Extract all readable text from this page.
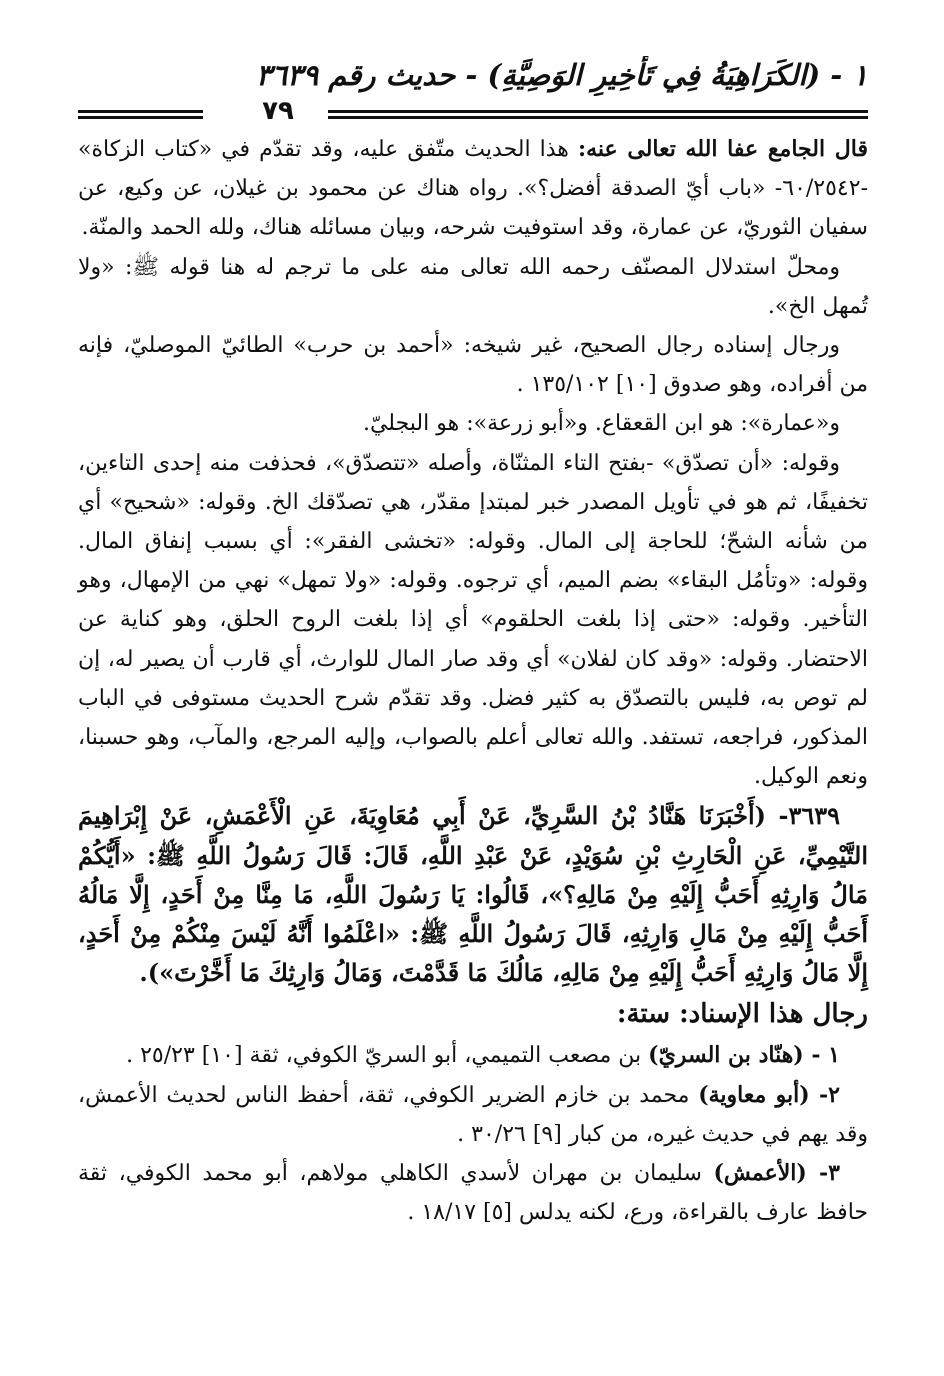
١ - (الكَرَاهِيَةُ فِي تَأخِيرِ الوَصِيَّةِ) - حديث رقم ٣٦٣٩
٧٩

قال الجامع عفا الله تعالى عنه: هذا الحديث متّفق عليه، وقد تقدّم في «كتاب الزكاة» -٦٠/٢٥٤٢- «باب أيّ الصدقة أفضل؟». رواه هناك عن محمود بن غيلان، عن وكيع، عن سفيان الثوريّ، عن عمارة، وقد استوفيت شرحه، وبيان مسائله هناك، ولله الحمد والمنّة.

ومحلّ استدلال المصنّف رحمه الله تعالى منه على ما ترجم له هنا قوله ﷺ: «ولا تُمهل الخ».

ورجال إسناده رجال الصحيح، غير شيخه: «أحمد بن حرب» الطائيّ الموصليّ، فإنه من أفراده، وهو صدوق [١٠] ١٣٥/١٠٢ .

و«عمارة»: هو ابن القعقاع. و«أبو زرعة»: هو البجليّ.

وقوله: «أن تصدّق» -بفتح التاء المثنّاة، وأصله «تتصدّق»، فحذفت منه إحدى التاءين، تخفيفًا، ثم هو في تأويل المصدر خبر لمبتدإ مقدّر، هي تصدّقك الخ. وقوله: «شحيح» أي من شأنه الشحّ؛ للحاجة إلى المال. وقوله: «تخشى الفقر»: أي بسبب إنفاق المال. وقوله: «وتأمُل البقاء» بضم الميم، أي ترجوه. وقوله: «ولا تمهل» نهي من الإمهال، وهو التأخير. وقوله: «حتى إذا بلغت الحلقوم» أي إذا بلغت الروح الحلق، وهو كناية عن الاحتضار. وقوله: «وقد كان لفلان» أي وقد صار المال للوارث، أي قارب أن يصير له، إن لم توص به، فليس بالتصدّق به كثير فضل. وقد تقدّم شرح الحديث مستوفى في الباب المذكور، فراجعه، تستفد. والله تعالى أعلم بالصواب، وإليه المرجع، والمآب، وهو حسبنا، ونعم الوكيل.

٣٦٣٩- (أَخْبَرَنَا هَنَّادُ بْنُ السَّرِيِّ، عَنْ أَبِي مُعَاوِيَةَ، عَنِ الْأَعْمَشِ، عَنْ إِبْرَاهِيمَ التَّيْمِيِّ، عَنِ الْحَارِثِ بْنِ سُوَيْدٍ، عَنْ عَبْدِ اللَّهِ، قَالَ: قَالَ رَسُولُ اللَّهِ ﷺ: «أَيُّكُمْ مَالُ وَارِثِهِ أَحَبُّ إِلَيْهِ مِنْ مَالِهِ؟»، قَالُوا: يَا رَسُولَ اللَّهِ، مَا مِنَّا مِنْ أَحَدٍ، إِلَّا مَالُهُ أَحَبُّ إِلَيْهِ مِنْ مَالِ وَارِثِهِ، قَالَ رَسُولُ اللَّهِ ﷺ: «اعْلَمُوا أَنَّهُ لَيْسَ مِنْكُمْ مِنْ أَحَدٍ، إِلَّا مَالُ وَارِثِهِ أَحَبُّ إِلَيْهِ مِنْ مَالِهِ، مَالُكَ مَا قَدَّمْتَ، وَمَالُ وَارِثِكَ مَا أَخَّرْتَ»).

رجال هذا الإسناد: ستة:

١ - (هنّاد بن السريّ) بن مصعب التميمي، أبو السريّ الكوفي، ثقة [١٠] ٢٥/٢٣ .

٢- (أبو معاوية) محمد بن خازم الضرير الكوفي، ثقة، أحفظ الناس لحديث الأعمش، وقد يهم في حديث غيره، من كبار [٩] ٣٠/٢٦ .

٣- (الأعمش) سليمان بن مهران لأسدي الكاهلي مولاهم، أبو محمد الكوفي، ثقة حافظ عارف بالقراءة، ورع، لكنه يدلس [٥] ١٨/١٧ .
